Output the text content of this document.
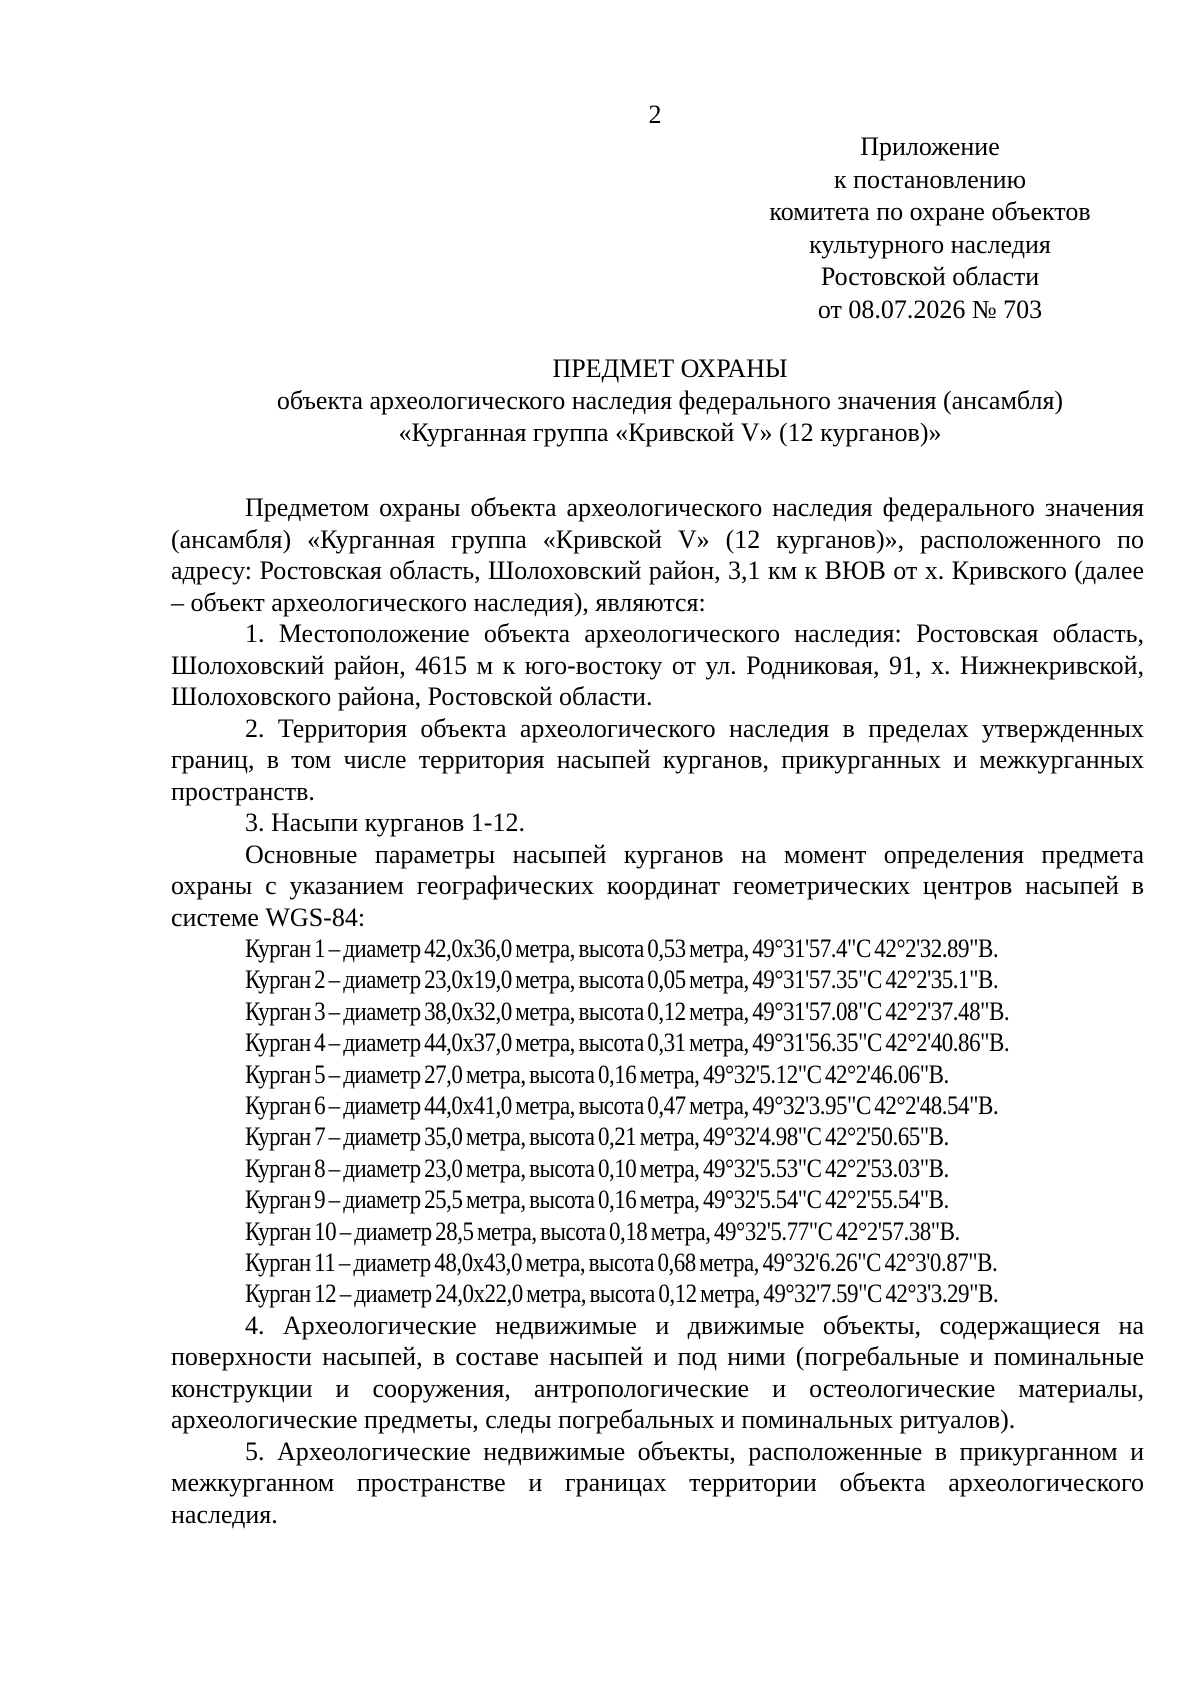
2
Приложение
к постановлению
комитета по охране объектов
культурного наследия
Ростовской области
от 08.07.2026 № 703
ПРЕДМЕТ ОХРАНЫ
объекта археологического наследия федерального значения (ансамбля)
«Курганная группа «Кривской V» (12 курганов)»

Предметом охраны объекта археологического наследия федерального значения (ансамбля) «Курганная группа «Кривской V» (12 курганов)», расположенного по адресу: Ростовская область, Шолоховский район, 3,1 км к ВЮВ от х. Кривского (далее – объект археологического наследия), являются:

1. Местоположение объекта археологического наследия: Ростовская область, Шолоховский район, 4615 м к юго-востоку от ул. Родниковая, 91, х. Нижнекривской, Шолоховского района, Ростовской области.

2. Территория объекта археологического наследия в пределах утвержденных границ, в том числе территория насыпей курганов, прикурганных и межкурганных пространств.

3. Насыпи курганов 1-12.

Основные параметры насыпей курганов на момент определения предмета охраны с указанием географических координат геометрических центров насыпей в системе WGS-84:

Курган 1 – диаметр 42,0x36,0 метра, высота 0,53 метра, 49°31'57.4"С 42°2'32.89"В.
Курган 2 – диаметр 23,0x19,0 метра, высота 0,05 метра, 49°31'57.35"С 42°2'35.1"В.
Курган 3 – диаметр 38,0x32,0 метра, высота 0,12 метра, 49°31'57.08"С 42°2'37.48"В.
Курган 4 – диаметр 44,0x37,0 метра, высота 0,31 метра, 49°31'56.35"С 42°2'40.86"В.
Курган 5 – диаметр 27,0 метра, высота 0,16 метра, 49°32'5.12"С 42°2'46.06"В.
Курган 6 – диаметр 44,0x41,0 метра, высота 0,47 метра, 49°32'3.95"С 42°2'48.54"В.
Курган 7 – диаметр 35,0 метра, высота 0,21 метра, 49°32'4.98"С 42°2'50.65"В.
Курган 8 – диаметр 23,0 метра, высота 0,10 метра, 49°32'5.53"С 42°2'53.03"В.
Курган 9 – диаметр 25,5 метра, высота 0,16 метра, 49°32'5.54"С 42°2'55.54"В.
Курган 10 – диаметр 28,5 метра, высота 0,18 метра, 49°32'5.77"С 42°2'57.38"В.
Курган 11 – диаметр 48,0x43,0 метра, высота 0,68 метра, 49°32'6.26"С 42°3'0.87"В.
Курган 12 – диаметр 24,0x22,0 метра, высота 0,12 метра, 49°32'7.59"С 42°3'3.29"В.

4. Археологические недвижимые и движимые объекты, содержащиеся на поверхности насыпей, в составе насыпей и под ними (погребальные и поминальные конструкции и сооружения, антропологические и остеологические материалы, археологические предметы, следы погребальных и поминальных ритуалов).

5. Археологические недвижимые объекты, расположенные в прикурганном и межкурганном пространстве и границах территории объекта археологического наследия.
